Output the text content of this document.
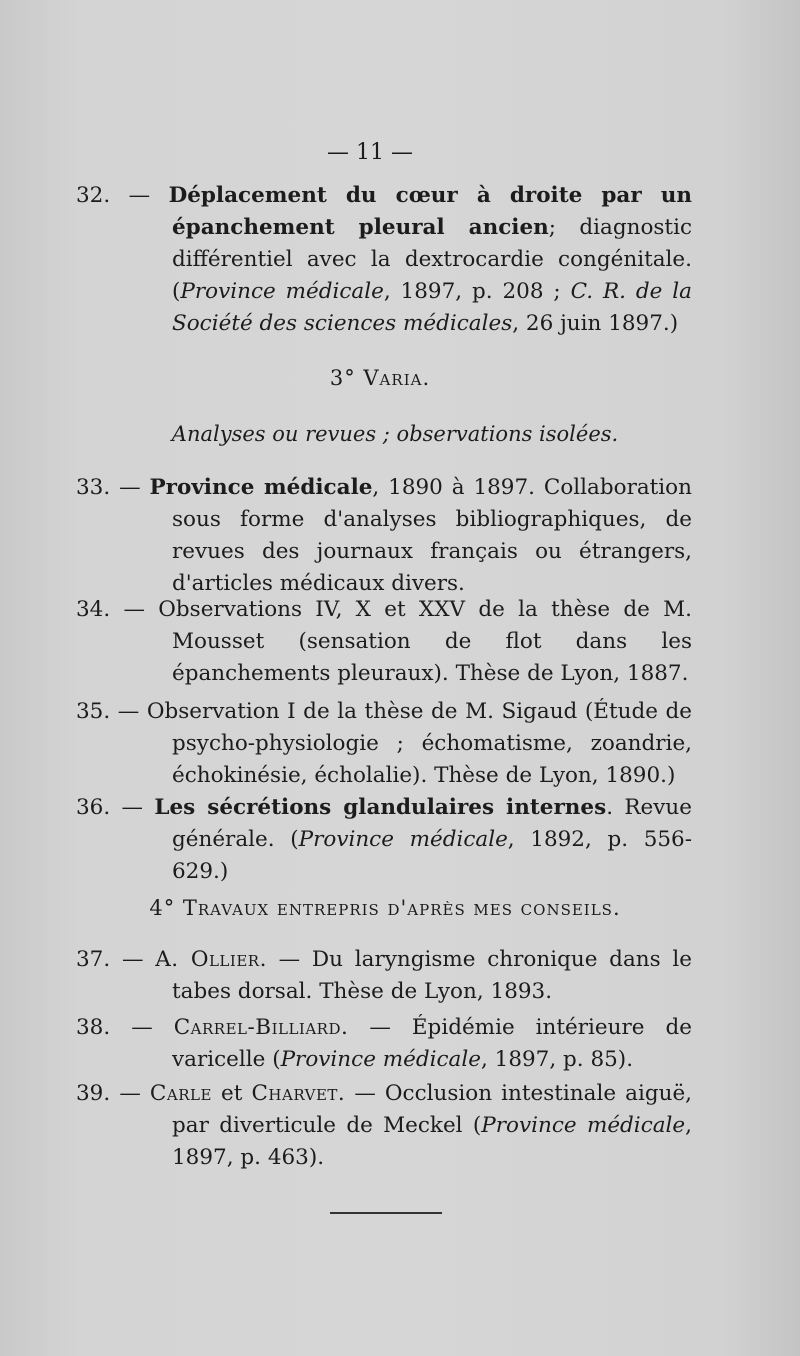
— 11 —

32. — Déplacement du cœur à droite par un épanchement pleural ancien; diagnostic différentiel avec la dextrocardie congénitale. (Province médicale, 1897, p. 208 ; C. R. de la Société des sciences médicales, 26 juin 1897.)

3° Varia.
Analyses ou revues ; observations isolées.
33. — Province médicale, 1890 à 1897. Collaboration sous forme d'analyses bibliographiques, de revues des journaux français ou étrangers, d'articles médicaux divers.
34. — Observations IV, X et XXV de la thèse de M. Mousset (sensation de flot dans les épanchements pleuraux). Thèse de Lyon, 1887.
35. — Observation I de la thèse de M. Sigaud (Étude de psycho-physiologie ; échomatisme, zoandrie, échokinésie, écholalie). Thèse de Lyon, 1890.)
36. — Les sécrétions glandulaires internes. Revue générale. (Province médicale, 1892, p. 556-629.)
4° Travaux entrepris d'après mes conseils.
37. — A. Ollier. — Du laryngisme chronique dans le tabes dorsal. Thèse de Lyon, 1893.
38. — Carrel-Billiard. — Épidémie intérieure de varicelle (Province médicale, 1897, p. 85).
39. — Carle et Charvet. — Occlusion intestinale aiguë, par diverticule de Meckel (Province médicale, 1897, p. 463).
